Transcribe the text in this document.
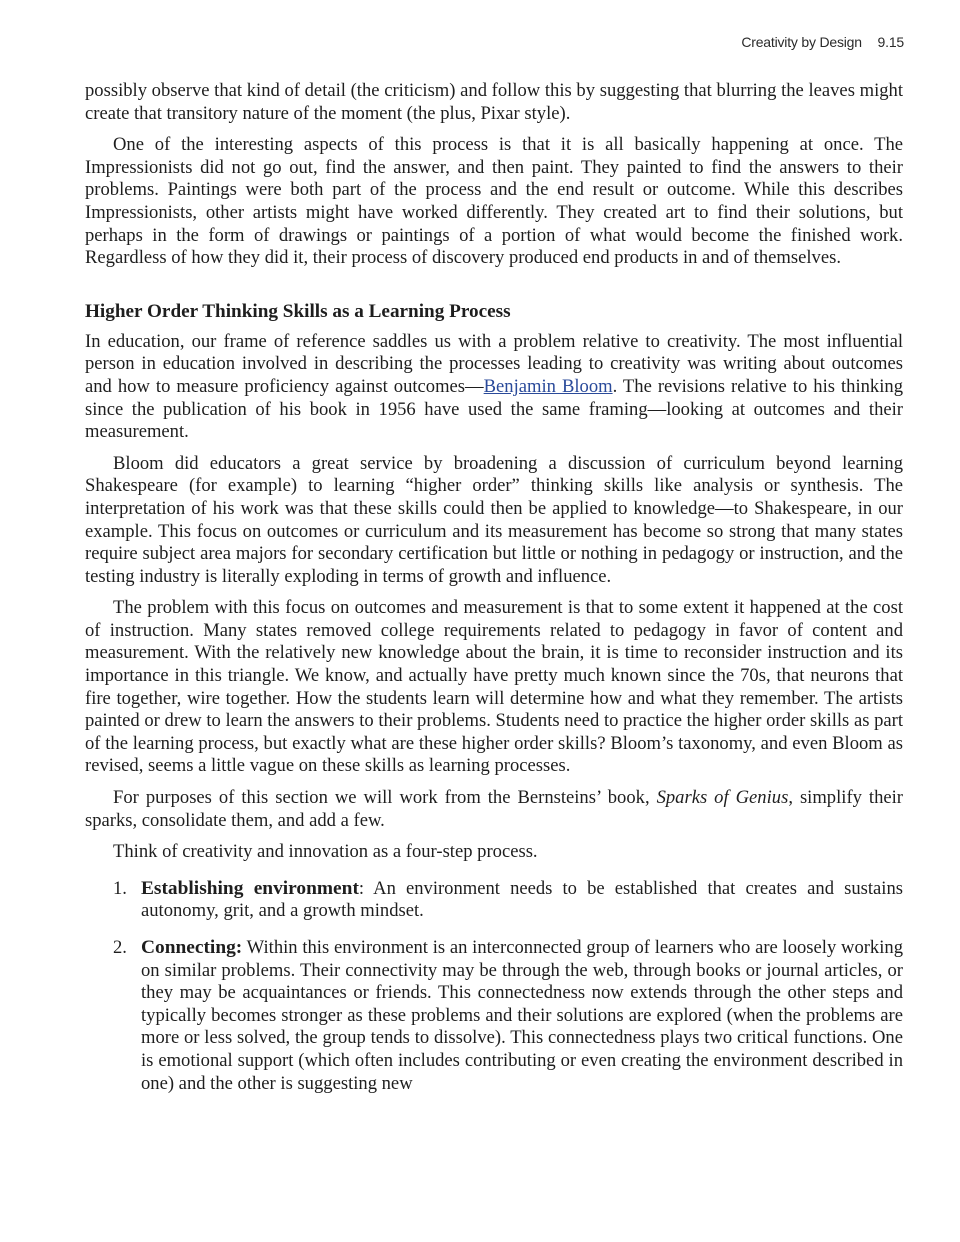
Creativity by Design 9.15

possibly observe that kind of detail (the criticism) and follow this by suggesting that blurring the leaves might create that transitory nature of the moment (the plus, Pixar style).

One of the interesting aspects of this process is that it is all basically happening at once. The Impressionists did not go out, find the answer, and then paint. They painted to find the answers to their problems. Paintings were both part of the process and the end result or outcome. While this describes Impressionists, other artists might have worked differently. They created art to find their solutions, but perhaps in the form of drawings or paintings of a portion of what would become the finished work. Regardless of how they did it, their process of discovery produced end products in and of themselves.

Higher Order Thinking Skills as a Learning Process

In education, our frame of reference saddles us with a problem relative to creativity. The most influential person in education involved in describing the processes leading to creativity was writing about outcomes and how to measure proficiency against outcomes—Benjamin Bloom. The revisions relative to his thinking since the publication of his book in 1956 have used the same framing—looking at outcomes and their measurement.

Bloom did educators a great service by broadening a discussion of curriculum beyond learning Shakespeare (for example) to learning “higher order” thinking skills like analysis or synthesis. The interpretation of his work was that these skills could then be applied to knowledge—to Shakespeare, in our example. This focus on outcomes or curriculum and its measurement has become so strong that many states require subject area majors for secondary certification but little or nothing in pedagogy or instruction, and the testing industry is literally exploding in terms of growth and influence.

The problem with this focus on outcomes and measurement is that to some extent it happened at the cost of instruction. Many states removed college requirements related to pedagogy in favor of content and measurement. With the relatively new knowledge about the brain, it is time to reconsider instruction and its importance in this triangle. We know, and actually have pretty much known since the 70s, that neurons that fire together, wire together. How the students learn will determine how and what they remember. The artists painted or drew to learn the answers to their problems. Students need to practice the higher order skills as part of the learning process, but exactly what are these higher order skills? Bloom’s taxonomy, and even Bloom as revised, seems a little vague on these skills as learning processes.

For purposes of this section we will work from the Bernsteins’ book, Sparks of Genius, simplify their sparks, consolidate them, and add a few.

Think of creativity and innovation as a four-step process.

1. Establishing environment: An environment needs to be established that creates and sustains autonomy, grit, and a growth mindset.
2. Connecting: Within this environment is an interconnected group of learners who are loosely working on similar problems. Their connectivity may be through the web, through books or journal articles, or they may be acquaintances or friends. This connectedness now extends through the other steps and typically becomes stronger as these problems and their solutions are explored (when the problems are more or less solved, the group tends to dissolve). This connectedness plays two critical functions. One is emotional support (which often includes contributing or even creating the environment described in one) and the other is suggesting new
